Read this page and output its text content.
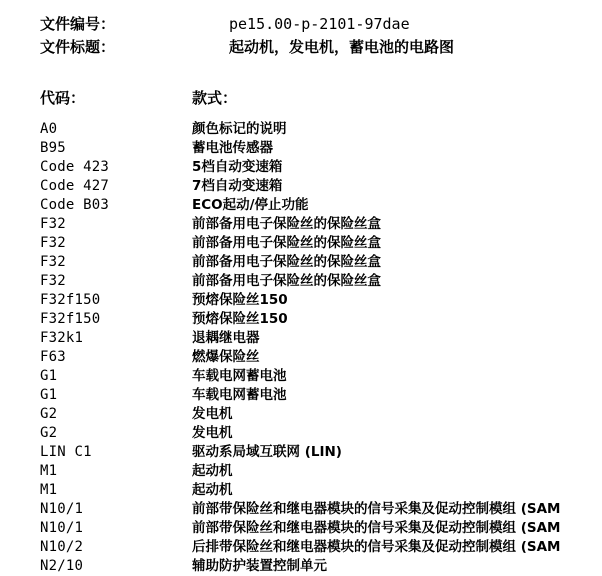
文件编号：	pe15.00-p-2101-97dae
文件标题：	起动机，发电机，蓄电池的电路图
代码：	款式：
A0	颜色标记的说明
B95	蓄电池传感器
Code 423	5档自动变速箱
Code 427	7档自动变速箱
Code B03	ECO起动/停止功能
F32	前部备用电子保险丝的保险丝盒
F32	前部备用电子保险丝的保险丝盒
F32	前部备用电子保险丝的保险丝盒
F32	前部备用电子保险丝的保险丝盒
F32f150	预熔保险丝150
F32f150	预熔保险丝150
F32k1	退耦继电器
F63	燃爆保险丝
G1	车载电网蓄电池
G1	车载电网蓄电池
G2	发电机
G2	发电机
LIN C1	驱动系局域互联网 (LIN)
M1	起动机
M1	起动机
N10/1	前部带保险丝和继电器模块的信号采集及促动控制模组 (SAM
N10/1	前部带保险丝和继电器模块的信号采集及促动控制模组 (SAM
N10/2	后排带保险丝和继电器模块的信号采集及促动控制模组 (SAM
N2/10	辅助防护装置控制单元
